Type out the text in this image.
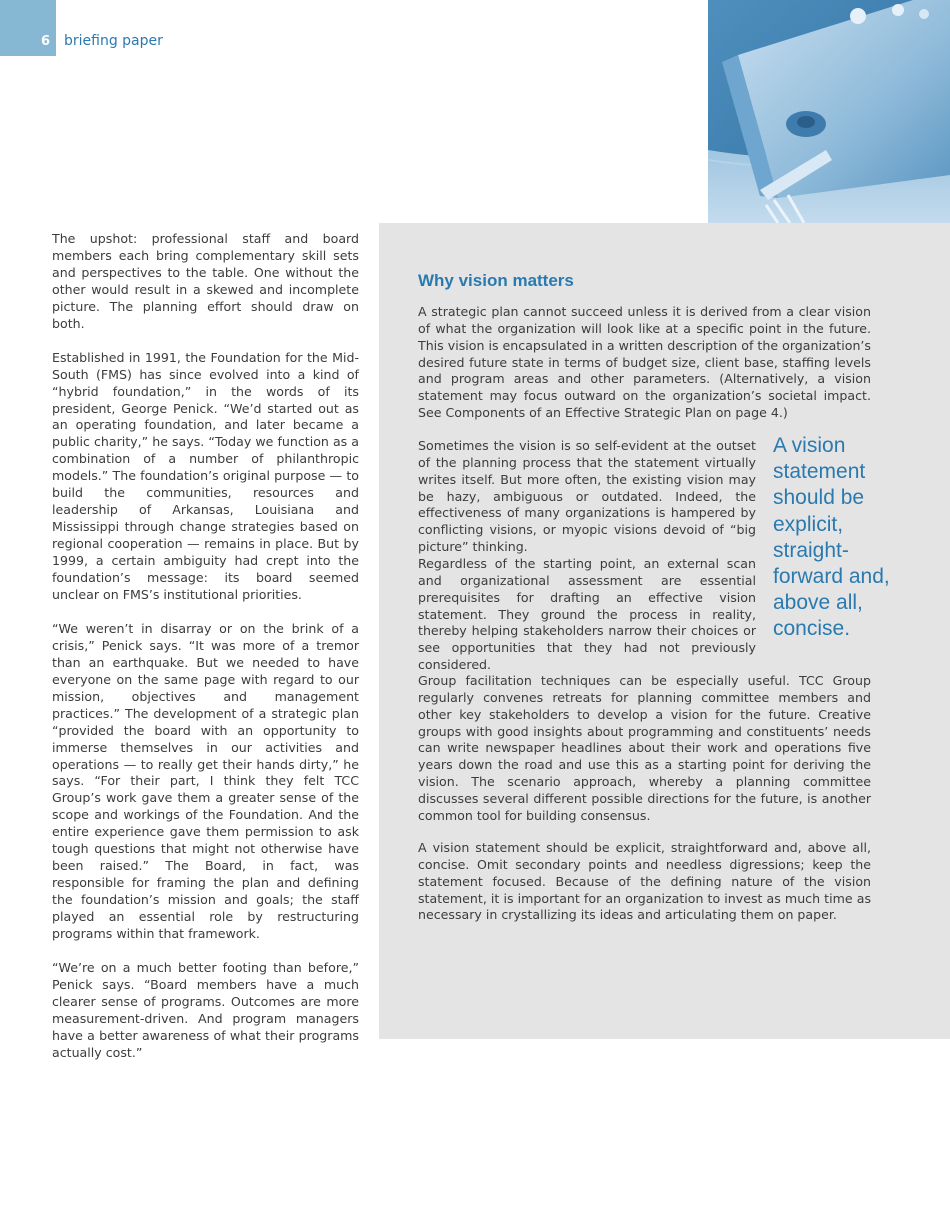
6 briefing paper

The upshot: professional staff and board members each bring complementary skill sets and perspectives to the table. One without the other would result in a skewed and incomplete picture. The planning effort should draw on both.

Established in 1991, the Foundation for the Mid-South (FMS) has since evolved into a kind of “hybrid foundation,” in the words of its president, George Penick. “We’d started out as an operating foundation, and later became a public charity,” he says. “Today we function as a combination of a number of philanthropic models.” The foundation’s original purpose — to build the communities, resources and leadership of Arkansas, Louisiana and Mississippi through change strategies based on regional cooperation — remains in place. But by 1999, a certain ambiguity had crept into the foundation’s message: its board seemed unclear on FMS’s institutional priorities.

“We weren’t in disarray or on the brink of a crisis,” Penick says. “It was more of a tremor than an earthquake. But we needed to have everyone on the same page with regard to our mission, objectives and management practices.” The development of a strategic plan “provided the board with an opportunity to immerse themselves in our activities and operations — to really get their hands dirty,” he says. “For their part, I think they felt TCC Group’s work gave them a greater sense of the scope and workings of the Foundation. And the entire experience gave them permission to ask tough questions that might not otherwise have been raised.” The Board, in fact, was responsible for framing the plan and defining the foundation’s mission and goals; the staff played an essential role by restructuring programs within that framework.

“We’re on a much better footing than before,” Penick says. “Board members have a much clearer sense of programs. Outcomes are more measurement-driven. And program managers have a better awareness of what their programs actually cost.”

Why vision matters

A strategic plan cannot succeed unless it is derived from a clear vision of what the organization will look like at a specific point in the future. This vision is encapsulated in a written description of the organization’s desired future state in terms of budget size, client base, staffing levels and program areas and other parameters. (Alternatively, a vision statement may focus outward on the organization’s societal impact. See Components of an Effective Strategic Plan on page 4.)

Sometimes the vision is so self-evident at the outset of the planning process that the statement virtually writes itself. But more often, the existing vision may be hazy, ambiguous or outdated. Indeed, the effectiveness of many organizations is hampered by conflicting visions, or myopic visions devoid of “big picture” thinking.

Regardless of the starting point, an external scan and organizational assessment are essential prerequisites for drafting an effective vision statement. They ground the process in reality, thereby helping stakeholders narrow their choices or see opportunities that they had not previously considered.

Group facilitation techniques can be especially useful. TCC Group regularly convenes retreats for planning committee members and other key stakeholders to develop a vision for the future. Creative groups with good insights about programming and constituents’ needs can write newspaper headlines about their work and operations five years down the road and use this as a starting point for deriving the vision. The scenario approach, whereby a planning committee discusses several different possible directions for the future, is another common tool for building consensus.

A vision statement should be explicit, straightforward and, above all, concise. Omit secondary points and needless digressions; keep the statement focused. Because of the defining nature of the vision statement, it is important for an organization to invest as much time as necessary in crystallizing its ideas and articulating them on paper.

A vision statement should be explicit, straight-forward and, above all, concise.
